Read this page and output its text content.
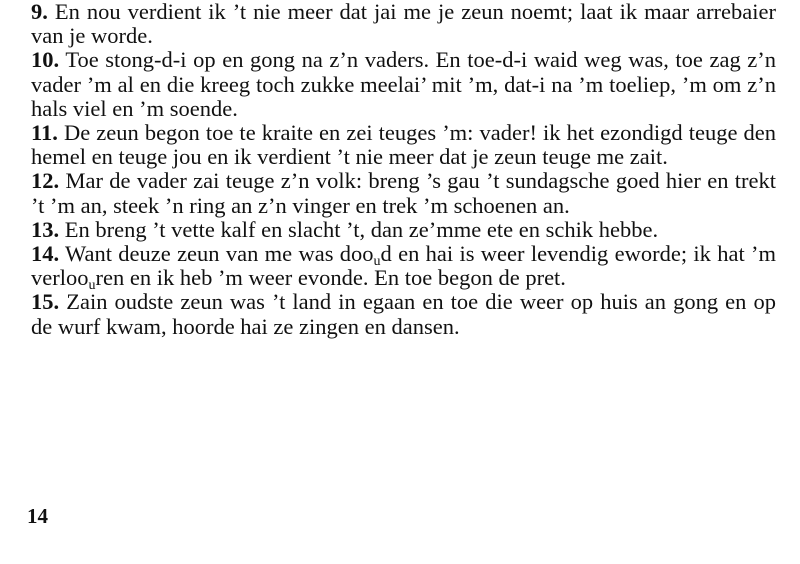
9. En nou verdient ik ’t nie meer dat jai me je zeun noemt; laat ik maar arrebaier van je worde.

10. Toe stong-d-i op en gong na z’n vaders. En toe-d-i waid weg was, toe zag z’n vader ’m al en die kreeg toch zukke meelai’ mit ’m, dat-i na ’m toeliep, ’m om z’n hals viel en ’m soende.

11. De zeun begon toe te kraite en zei teuges ’m: vader! ik het ezondigd teuge den hemel en teuge jou en ik verdient ’t nie meer dat je zeun teuge me zait.

12. Mar de vader zai teuge z’n volk: breng ’s gau ’t sundagsche goed hier en trekt ’t ’m an, steek ’n ring an z’n vinger en trek ’m schoenen an.

13. En breng ’t vette kalf en slacht ’t, dan ze’mme ete en schik hebbe.

14. Want deuze zeun van me was doo$_u$d en hai is weer levendig eworde; ik hat ’m verloo$_u$ren en ik heb ’m weer evonde. En toe begon de pret.

15. Zain oudste zeun was ’t land in egaan en toe die weer op huis an gong en op de wurf kwam, hoorde hai ze zingen en dansen.

14
